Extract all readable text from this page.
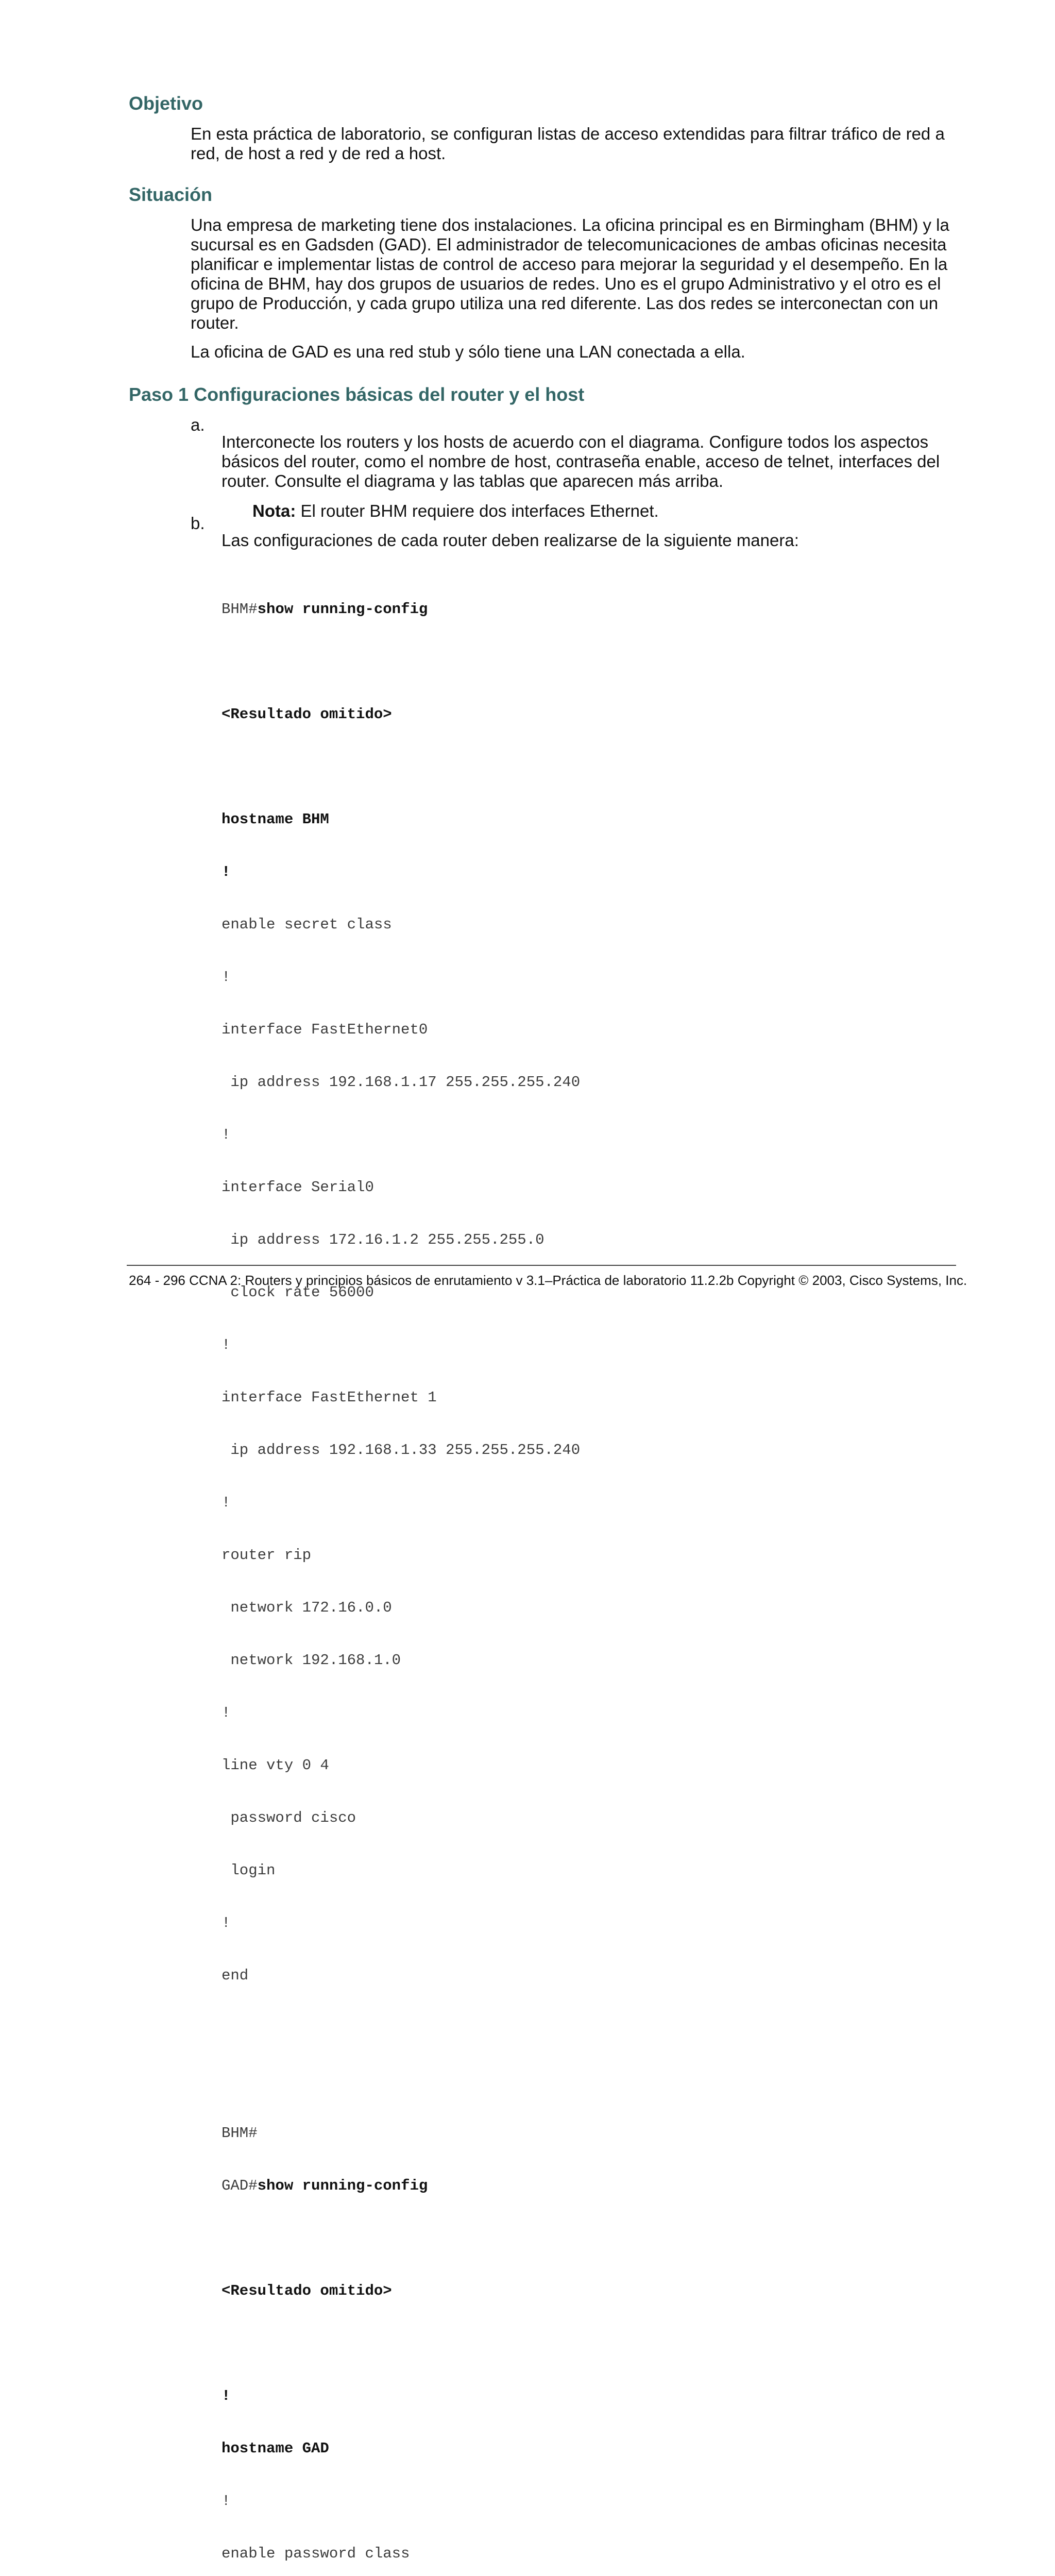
Objetivo

En esta práctica de laboratorio, se configuran listas de acceso extendidas para filtrar tráfico de red a red, de host a red y de red a host.

Situación

Una empresa de marketing tiene dos instalaciones. La oficina principal es en Birmingham (BHM) y la sucursal es en Gadsden (GAD). El administrador de telecomunicaciones de ambas oficinas necesita planificar e implementar listas de control de acceso para mejorar la seguridad y el desempeño. En la oficina de BHM, hay dos grupos de usuarios de redes. Uno es el grupo Administrativo y el otro es el grupo de Producción, y cada grupo utiliza una red diferente. Las dos redes se interconectan con un router.

La oficina de GAD es una red stub y sólo tiene una LAN conectada a ella.

Paso 1 Configuraciones básicas del router y el host
a.

Interconecte los routers y los hosts de acuerdo con el diagrama. Configure todos los aspectos básicos del router, como el nombre de host, contraseña enable, acceso de telnet, interfaces del router. Consulte el diagrama y las tablas que aparecen más arriba.

Nota: El router BHM requiere dos interfaces Ethernet.

b.

Las configuraciones de cada router deben realizarse de la siguiente manera:

BHM#show running-config

<Resultado omitido>

hostname BHM

!

enable secret class

!

interface FastEthernet0

ip address 192.168.1.17 255.255.255.240

!

interface Serial0

ip address 172.16.1.2 255.255.255.0

clock rate 56000

!

interface FastEthernet 1

ip address 192.168.1.33 255.255.255.240

!

router rip

network 172.16.0.0

network 192.168.1.0

!

line vty 0 4

password cisco

login

!

end

BHM#

GAD#show running-config

<Resultado omitido>

!

hostname GAD

!

enable password class

264 - 296 CCNA 2: Routers y principios básicos de enrutamiento v 3.1–Práctica de laboratorio 11.2.2b Copyright © 2003, Cisco Systems, Inc.
